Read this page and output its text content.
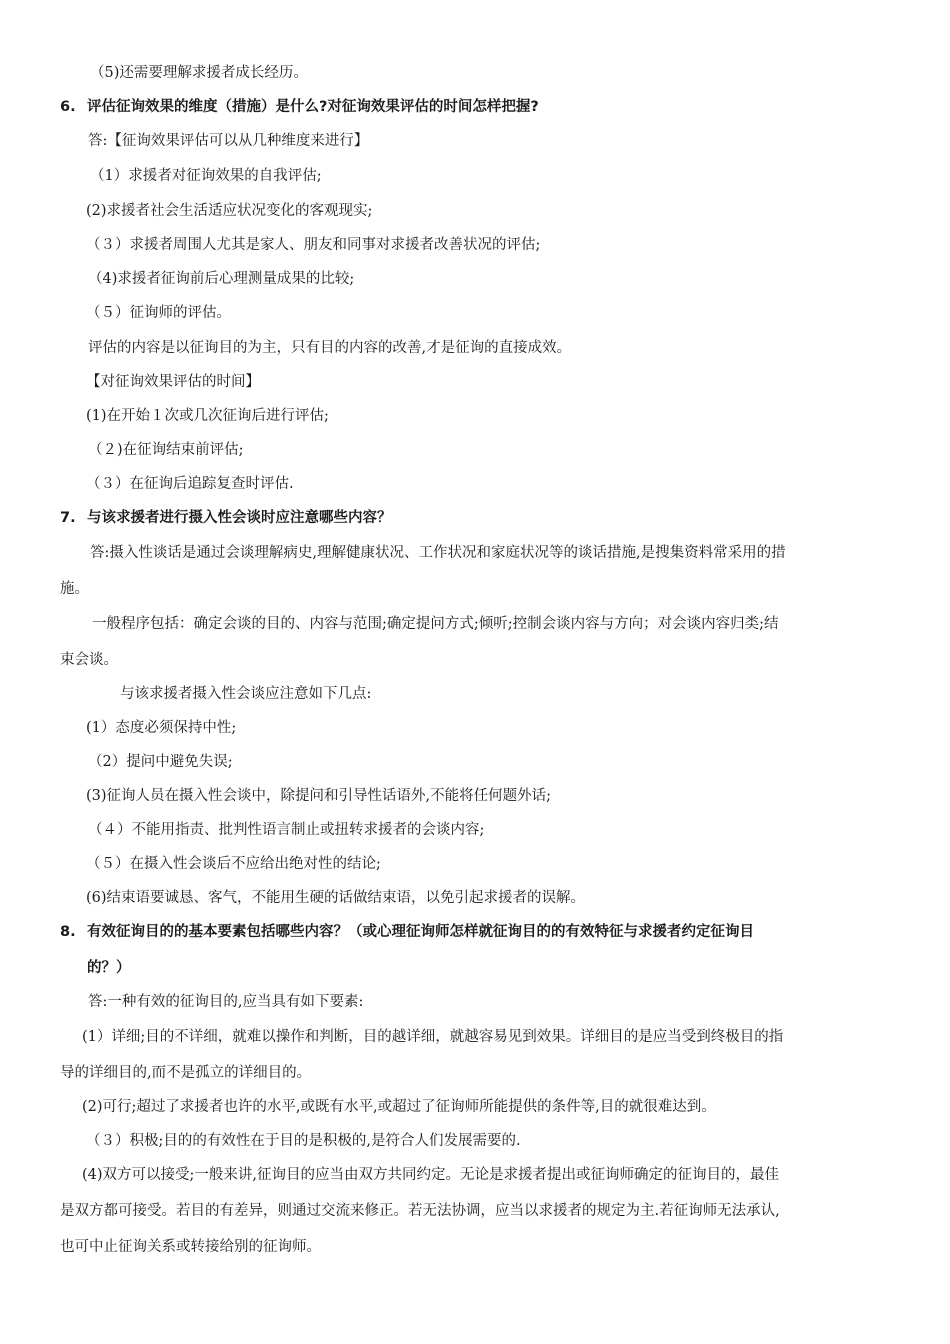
（5)还需要理解求援者成长经历。
6. 评估征询效果的维度（措施）是什么?对征询效果评估的时间怎样把握?
答:【征询效果评估可以从几种维度来进行】
（1）求援者对征询效果的自我评估;
(2)求援者社会生活适应状况变化的客观现实;
（３）求援者周围人尤其是家人、朋友和同事对求援者改善状况的评估;
（4)求援者征询前后心理测量成果的比较;
（５）征询师的评估。
评估的内容是以征询目的为主，只有目的内容的改善,才是征询的直接成效。
【对征询效果评估的时间】
(1)在开始１次或几次征询后进行评估;
（２)在征询结束前评估;
（３）在征询后追踪复查时评估.
7. 与该求援者进行摄入性会谈时应注意哪些内容？
答:摄入性谈话是通过会谈理解病史,理解健康状况、工作状况和家庭状况等的谈话措施,是搜集资料常采用的措
施。
一般程序包括：确定会谈的目的、内容与范围;确定提问方式;倾听;控制会谈内容与方向；对会谈内容归类;结
束会谈。
与该求援者摄入性会谈应注意如下几点:
(1）态度必须保持中性;
（2）提问中避免失误;
(3)征询人员在摄入性会谈中，除提问和引导性话语外,不能将任何题外话;
（４）不能用指责、批判性语言制止或扭转求援者的会谈内容;
（５）在摄入性会谈后不应给出绝对性的结论;
(6)结束语要诚恳、客气，不能用生硬的话做结束语，以免引起求援者的误解。
8. 有效征询目的的基本要素包括哪些内容？（或心理征询师怎样就征询目的的有效特征与求援者约定征询目
的？）
答:一种有效的征询目的,应当具有如下要素:
(1）详细;目的不详细，就难以操作和判断，目的越详细，就越容易见到效果。详细目的是应当受到终极目的指
导的详细目的,而不是孤立的详细目的。
(2)可行;超过了求援者也许的水平,或既有水平,或超过了征询师所能提供的条件等,目的就很难达到。
（３）积极;目的的有效性在于目的是积极的,是符合人们发展需要的.
(4)双方可以接受;一般来讲,征询目的应当由双方共同约定。无论是求援者提出或征询师确定的征询目的，最佳
是双方都可接受。若目的有差异，则通过交流来修正。若无法协调，应当以求援者的规定为主.若征询师无法承认,
也可中止征询关系或转接给别的征询师。
